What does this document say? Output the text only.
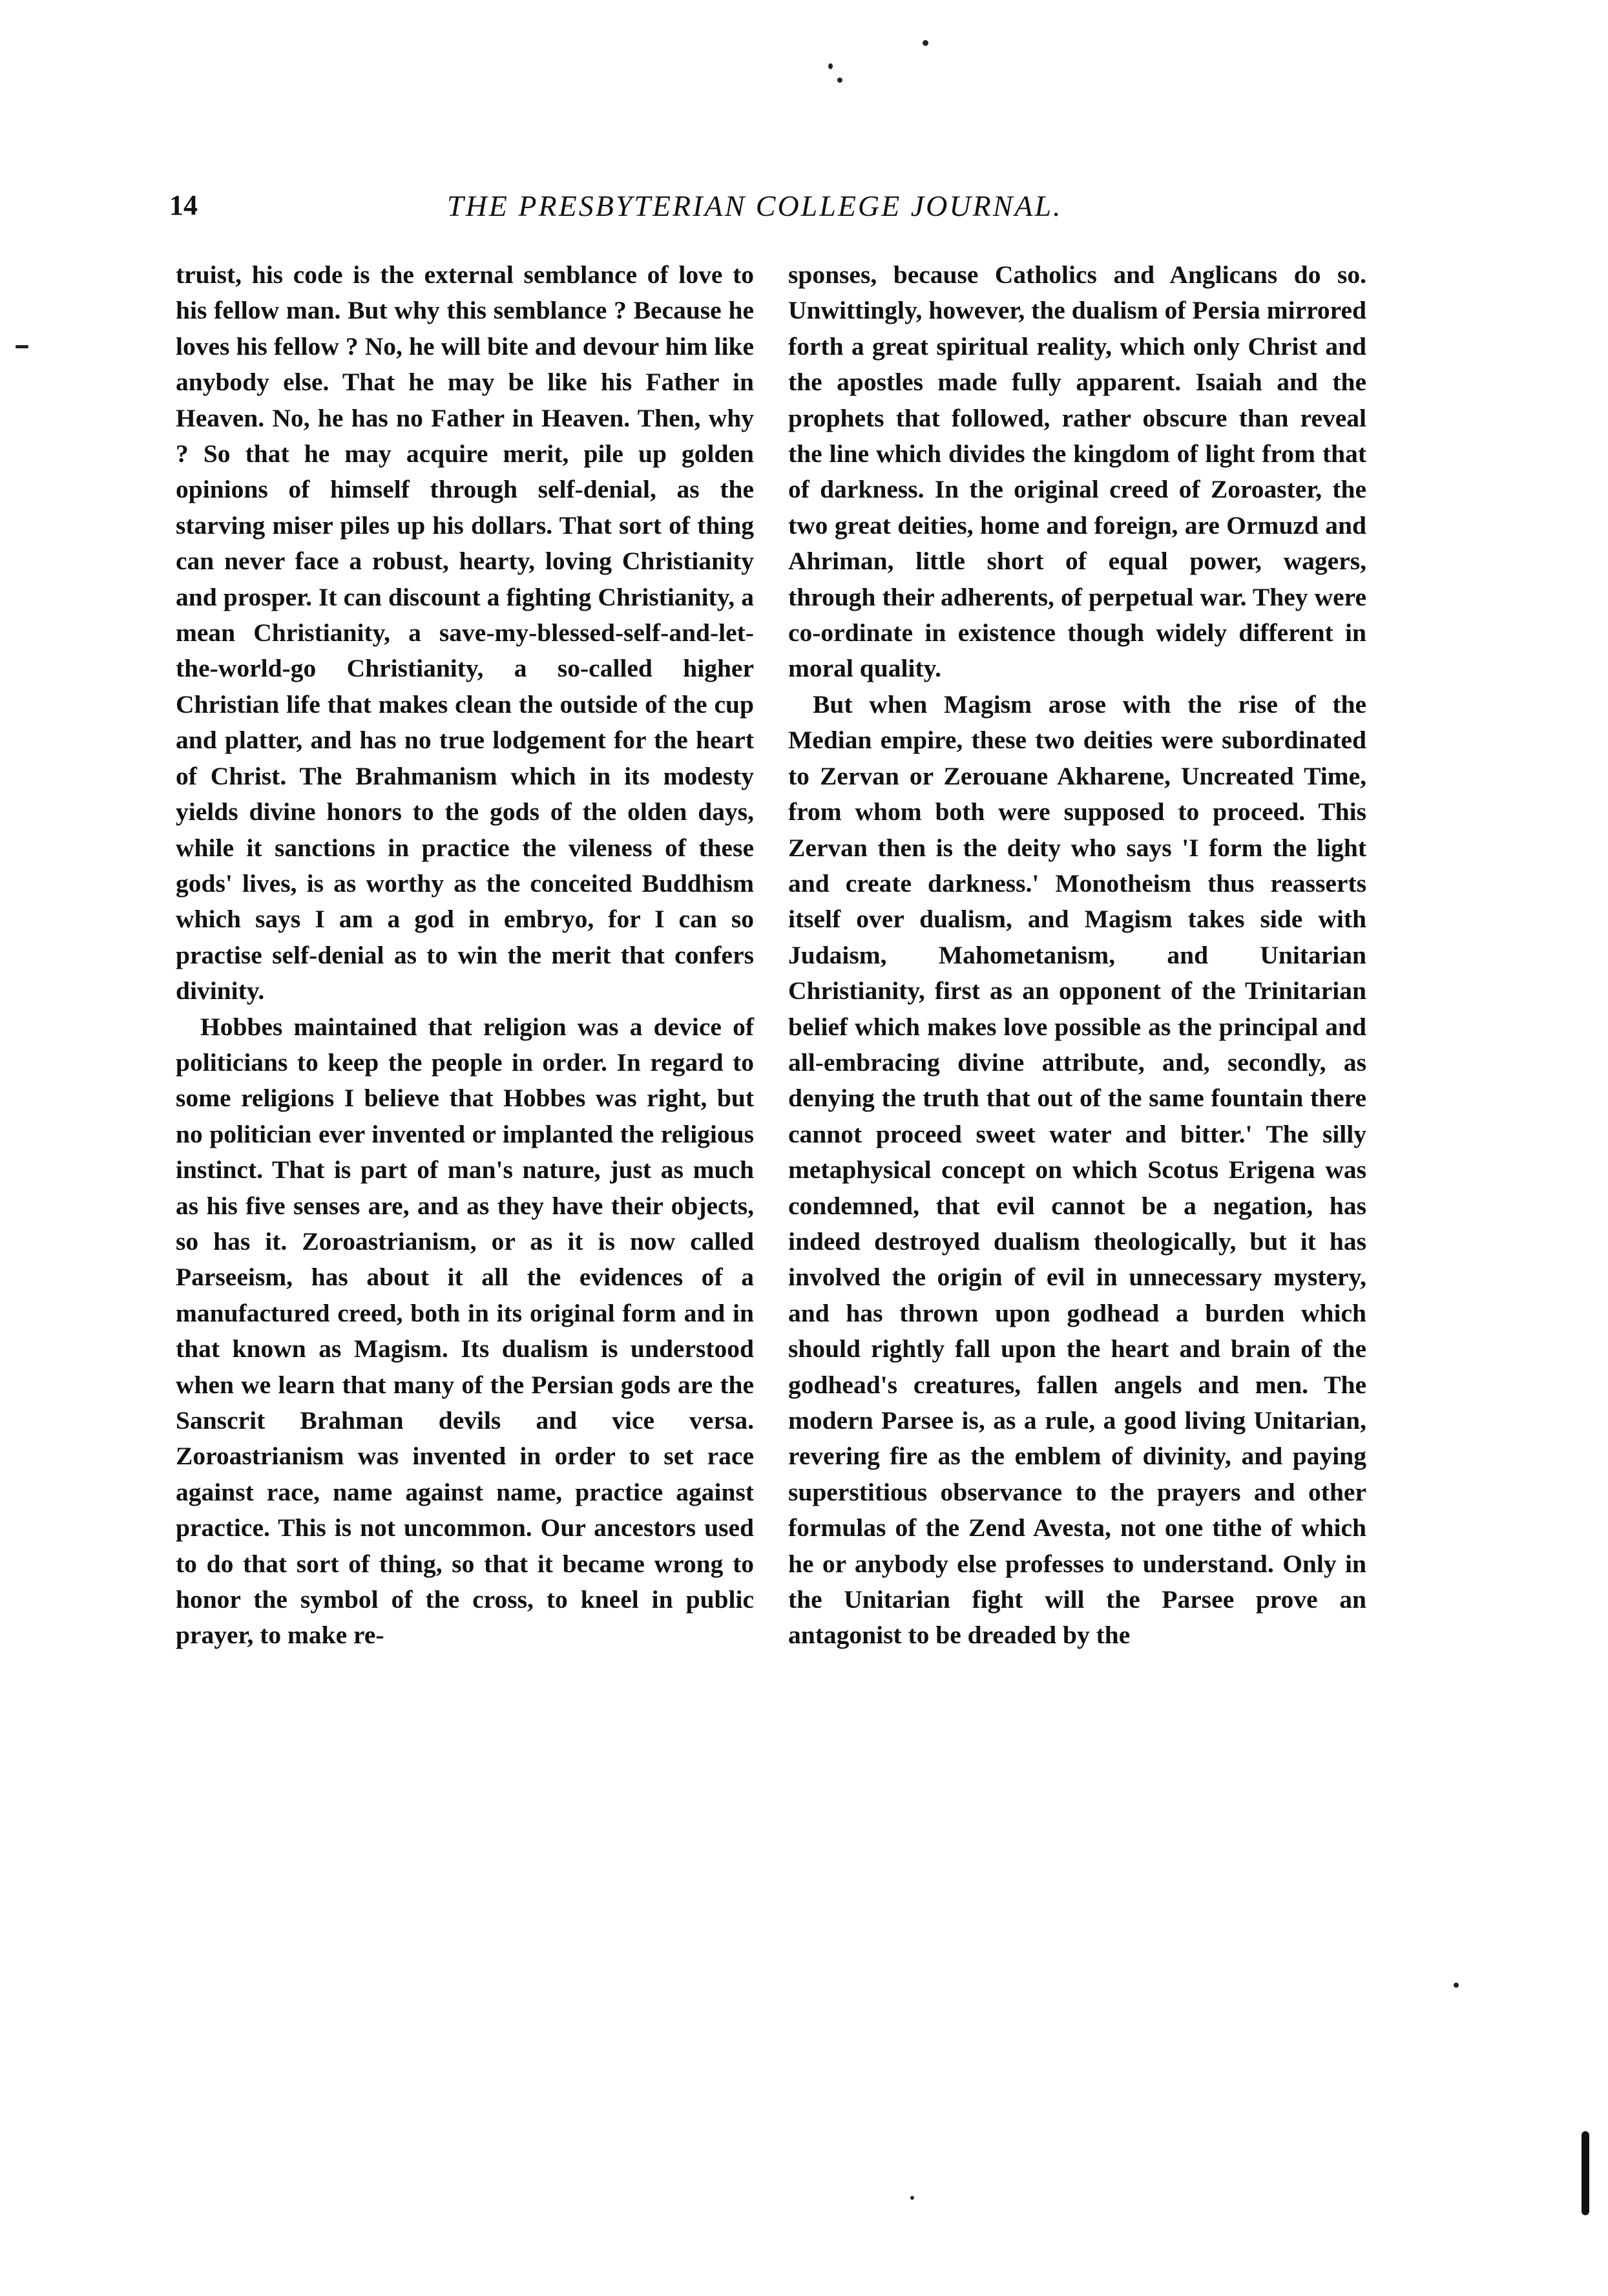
14	THE PRESBYTERIAN COLLEGE JOURNAL.

truist, his code is the external semblance of love to his fellow man. But why this semblance ? Because he loves his fellow ? No, he will bite and devour him like anybody else. That he may be like his Father in Heaven. No, he has no Father in Heaven. Then, why ? So that he may acquire merit, pile up golden opinions of himself through self-denial, as the starving miser piles up his dollars. That sort of thing can never face a robust, hearty, loving Christianity and prosper. It can discount a fighting Christianity, a mean Christianity, a save-my-blessed-self-and-let-the-world-go Christianity, a so-called higher Christian life that makes clean the outside of the cup and platter, and has no true lodgement for the heart of Christ. The Brahmanism which in its modesty yields divine honors to the gods of the olden days, while it sanctions in practice the vileness of these gods' lives, is as worthy as the conceited Buddhism which says I am a god in embryo, for I can so practise self-denial as to win the merit that confers divinity.

Hobbes maintained that religion was a device of politicians to keep the people in order. In regard to some religions I believe that Hobbes was right, but no politician ever invented or implanted the religious instinct. That is part of man's nature, just as much as his five senses are, and as they have their objects, so has it. Zoroastrianism, or as it is now called Parseeism, has about it all the evidences of a manufactured creed, both in its original form and in that known as Magism. Its dualism is understood when we learn that many of the Persian gods are the Sanscrit Brahman devils and vice versa. Zoroastrianism was invented in order to set race against race, name against name, practice against practice. This is not uncommon. Our ancestors used to do that sort of thing, so that it became wrong to honor the symbol of the cross, to kneel in public prayer, to make re-

sponses, because Catholics and Anglicans do so. Unwittingly, however, the dualism of Persia mirrored forth a great spiritual reality, which only Christ and the apostles made fully apparent. Isaiah and the prophets that followed, rather obscure than reveal the line which divides the kingdom of light from that of darkness. In the original creed of Zoroaster, the two great deities, home and foreign, are Ormuzd and Ahriman, little short of equal power, wagers, through their adherents, of perpetual war. They were co-ordinate in existence though widely different in moral quality.

But when Magism arose with the rise of the Median empire, these two deities were subordinated to Zervan or Zerouane Akharene, Uncreated Time, from whom both were supposed to proceed. This Zervan then is the deity who says 'I form the light and create darkness.' Monotheism thus reasserts itself over dualism, and Magism takes side with Judaism, Mahometanism, and Unitarian Christianity, first as an opponent of the Trinitarian belief which makes love possible as the principal and all-embracing divine attribute, and, secondly, as denying the truth that out of the same fountain there cannot proceed sweet water and bitter.' The silly metaphysical concept on which Scotus Erigena was condemned, that evil cannot be a negation, has indeed destroyed dualism theologically, but it has involved the origin of evil in unnecessary mystery, and has thrown upon godhead a burden which should rightly fall upon the heart and brain of the godhead's creatures, fallen angels and men. The modern Parsee is, as a rule, a good living Unitarian, revering fire as the emblem of divinity, and paying superstitious observance to the prayers and other formulas of the Zend Avesta, not one tithe of which he or anybody else professes to understand. Only in the Unitarian fight will the Parsee prove an antagonist to be dreaded by the
